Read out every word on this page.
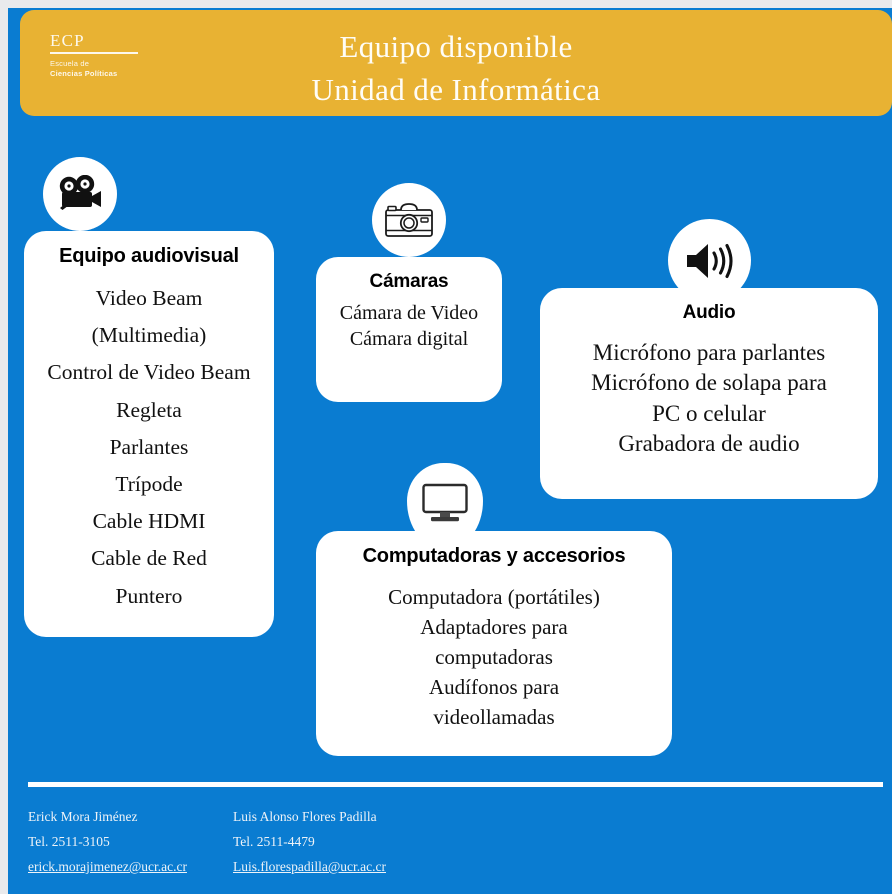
ECP
Escuela de
Ciencias Políticas
Equipo disponible
Unidad de Informática
Equipo audiovisual
Video Beam
(Multimedia)
Control de Video Beam
Regleta
Parlantes
Trípode
Cable HDMI
Cable de Red
Puntero
Cámaras
Cámara de Video
Cámara digital
Audio
Micrófono para parlantes
Micrófono de solapa para
PC o celular
Grabadora de audio
Computadoras y accesorios
Computadora (portátiles)
Adaptadores para
computadoras
Audífonos para
videollamadas
Erick Mora Jiménez
Tel. 2511-3105
erick.morajimenez@ucr.ac.cr
Luis Alonso Flores Padilla
Tel. 2511-4479
Luis.florespadilla@ucr.ac.cr
